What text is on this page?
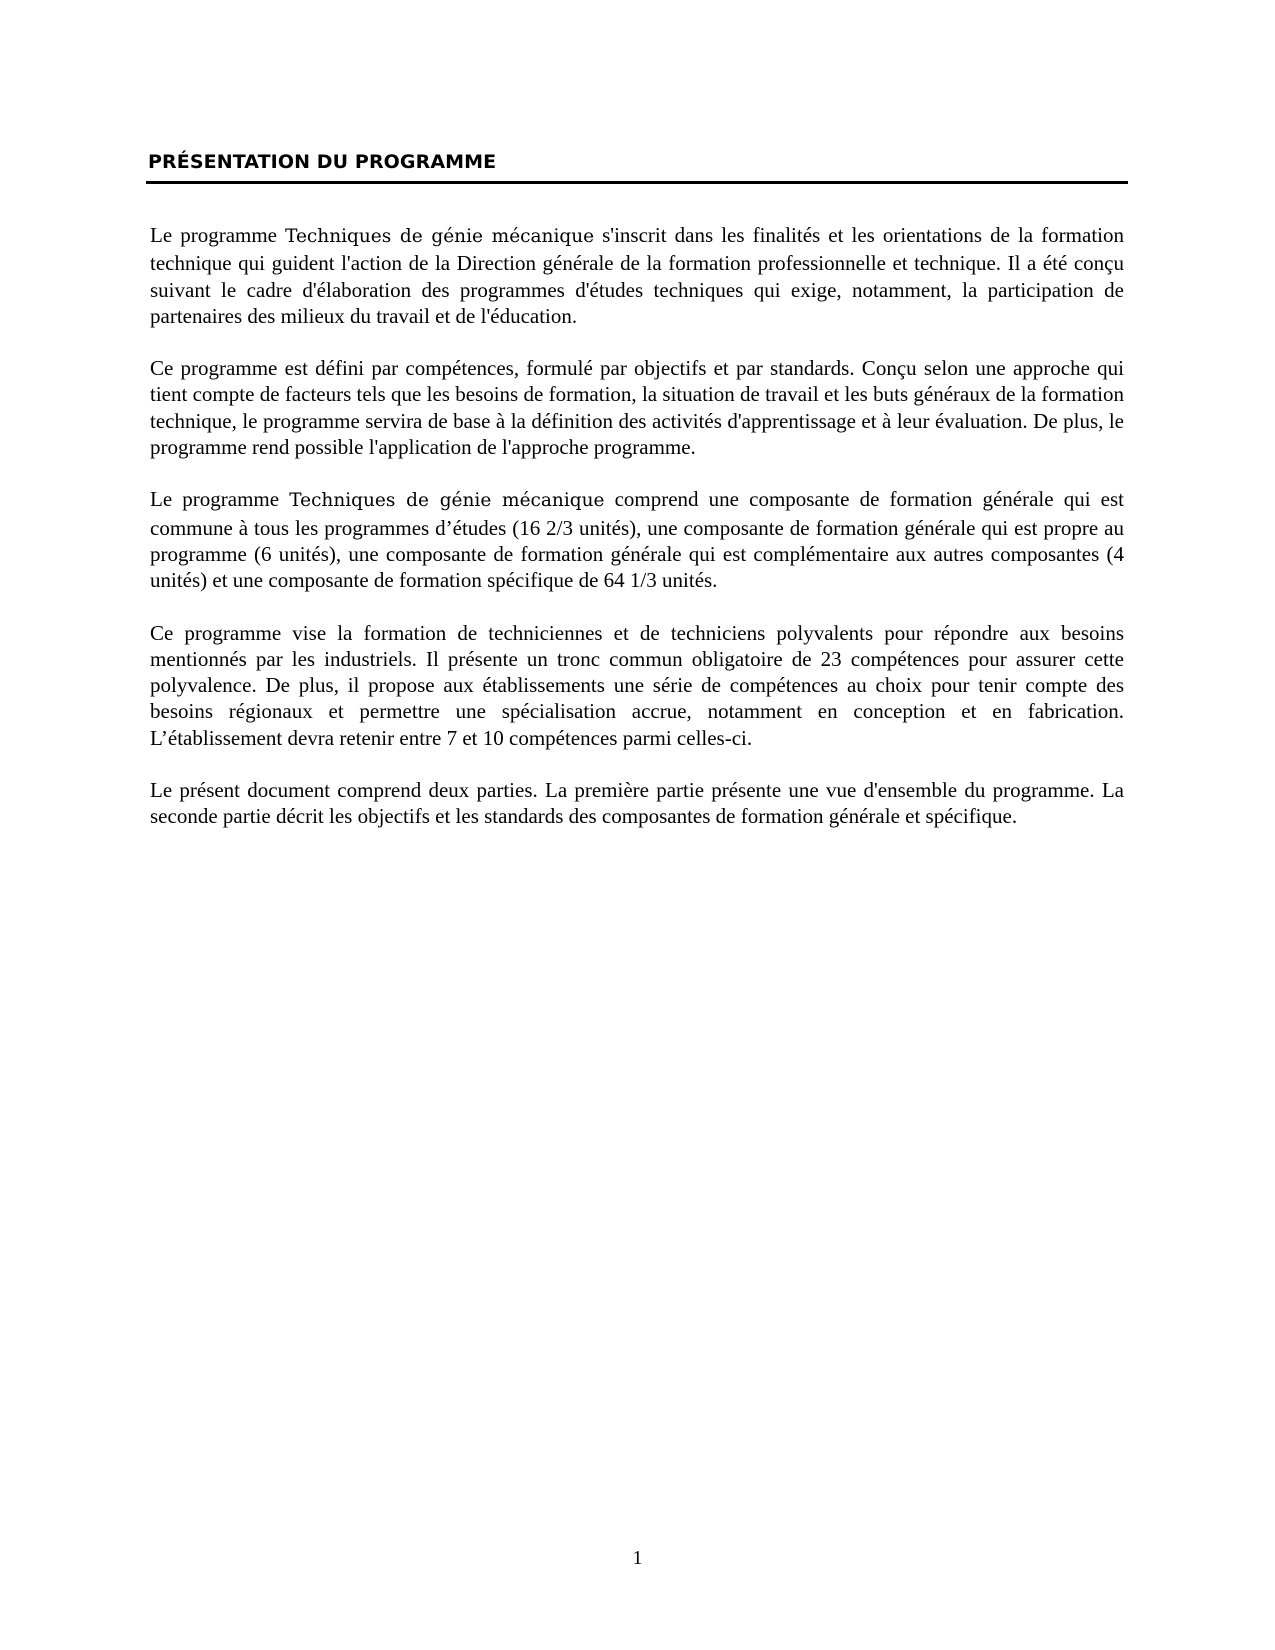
PRÉSENTATION DU PROGRAMME

Le programme Techniques de génie mécanique s'inscrit dans les finalités et les orientations de la formation technique qui guident l'action de la Direction générale de la formation professionnelle et technique. Il a été conçu suivant le cadre d'élaboration des programmes d'études techniques qui exige, notamment, la participation de partenaires des milieux du travail et de l'éducation.

Ce programme est défini par compétences, formulé par objectifs et par standards. Conçu selon une approche qui tient compte de facteurs tels que les besoins de formation, la situation de travail et les buts généraux de la formation technique, le programme servira de base à la définition des activités d'apprentissage et à leur évaluation. De plus, le programme rend possible l'application de l'approche programme.

Le programme Techniques de génie mécanique comprend une composante de formation générale qui est commune à tous les programmes d’études (16 2/3 unités), une composante de formation générale qui est propre au programme (6 unités), une composante de formation générale qui est complémentaire aux autres composantes (4 unités) et une composante de formation spécifique de 64 1/3 unités.

Ce programme vise la formation de techniciennes et de techniciens polyvalents pour répondre aux besoins mentionnés par les industriels. Il présente un tronc commun obligatoire de 23 compétences pour assurer cette polyvalence. De plus, il propose aux établissements une série de compétences au choix pour tenir compte des besoins régionaux et permettre une spécialisation accrue, notamment en conception et en fabrication. L’établissement devra retenir entre 7 et 10 compétences parmi celles-ci.

Le présent document comprend deux parties. La première partie présente une vue d'ensemble du programme. La seconde partie décrit les objectifs et les standards des composantes de formation générale et spécifique.

1
